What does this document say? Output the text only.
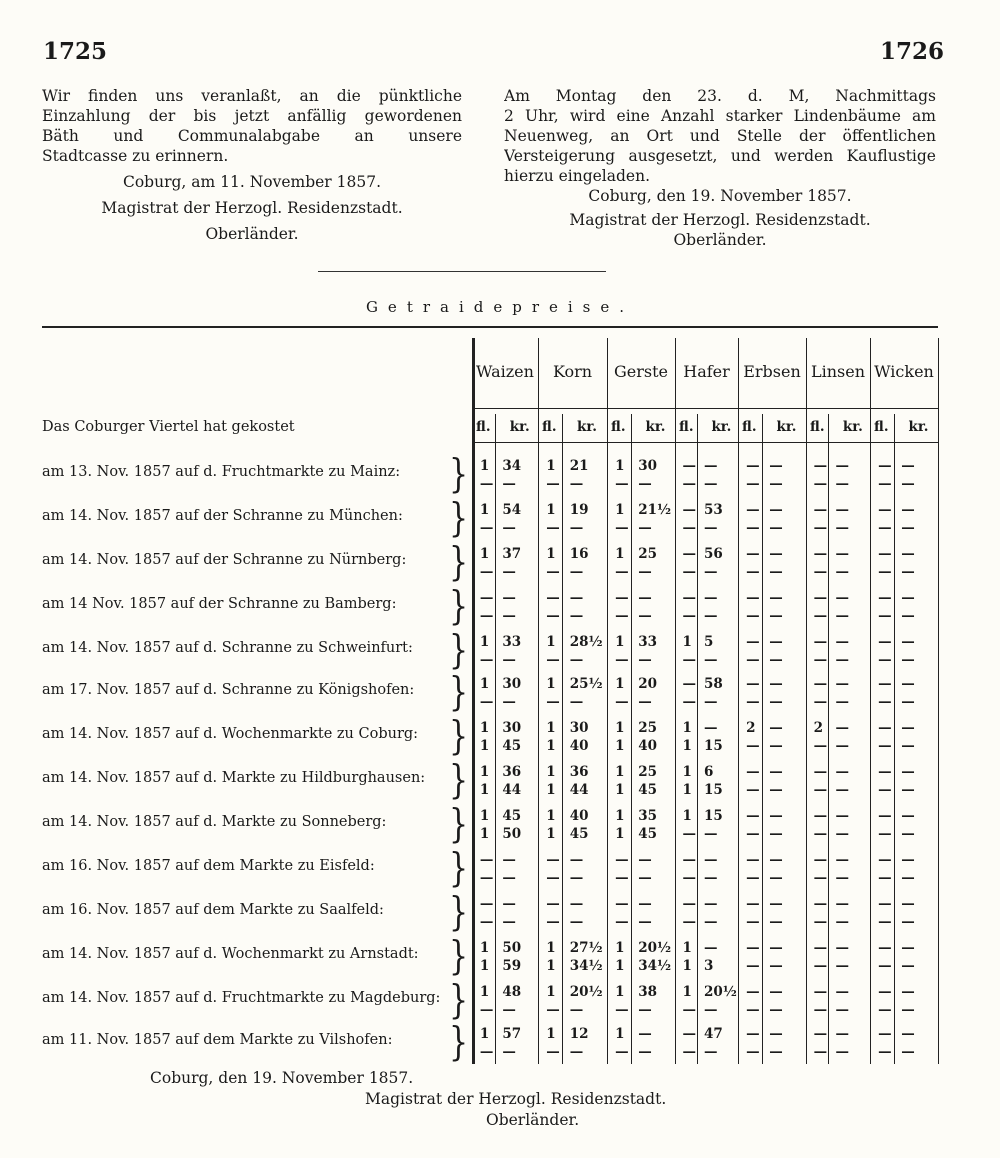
1725	1726
Wir finden uns veranlaßt, an die pünktliche
Einzahlung der bis jetzt anfällig gewordenen
Bäth und Communalabgabe an unsere
Stadtcasse zu erinnern.
Coburg, am 11. November 1857.
Magistrat der Herzogl. Residenzstadt.
Oberländer.
Am Montag den 23. d. M, Nachmittags
2 Uhr, wird eine Anzahl starker Lindenbäume am
Neuenweg, an Ort und Stelle der öffentlichen
Versteigerung ausgesetzt, und werden Kauflustige
hierzu eingeladen.
Coburg, den 19. November 1857.
Magistrat der Herzogl. Residenzstadt.
Oberländer.
Getraidepreise.
Das Coburger Viertel hat gekostet
Waizen
fl. kr.
Korn
fl. kr.
Gerste
fl. kr.
Hafer
fl. kr.
Erbsen
fl. kr.
Linsen
fl. kr.
Wicken
fl. kr.
am 13. Nov. 1857 auf d. Fruchtmarkte zu Mainz: } 1 34 1 21 1 30 — — — — — — — —
— — — — — — — — — — — — — —
am 14. Nov. 1857 auf der Schranne zu München: } 1 54 1 19 1 21½ — 53 — — — — — —
— — — — — — — — — — — — — —
am 14. Nov. 1857 auf der Schranne zu Nürnberg: } 1 37 1 16 1 25 — 56 — — — — — —
— — — — — — — — — — — — — —
am 14 Nov. 1857 auf der Schranne zu Bamberg: } — — — — — — — — — — — — — —
— — — — — — — — — — — — — —
am 14. Nov. 1857 auf d. Schranne zu Schweinfurt: } 1 33 1 28½ 1 33 1 5 — — — — — —
— — — — — — — — — — — — — —
am 17. Nov. 1857 auf d. Schranne zu Königshofen: } 1 30 1 25½ 1 20 — 58 — — — — — —
— — — — — — — — — — — — — —
am 14. Nov. 1857 auf d. Wochenmarkte zu Coburg: } 1 30 1 30 1 25 1 — 2 — 2 — — —
1 45 1 40 1 40 1 15 — — — — — —
am 14. Nov. 1857 auf d. Markte zu Hildburghausen: } 1 36 1 36 1 25 1 6 — — — — — —
1 44 1 44 1 45 1 15 — — — — — —
am 14. Nov. 1857 auf d. Markte zu Sonneberg: } 1 45 1 40 1 35 1 15 — — — — — —
1 50 1 45 1 45 — — — — — — — —
am 16. Nov. 1857 auf dem Markte zu Eisfeld: } — — — — — — — — — — — — — —
— — — — — — — — — — — — — —
am 16. Nov. 1857 auf dem Markte zu Saalfeld: } — — — — — — — — — — — — — —
— — — — — — — — — — — — — —
am 14. Nov. 1857 auf d. Wochenmarkt zu Arnstadt: } 1 50 1 27½ 1 20½ 1 — — — — — — —
1 59 1 34½ 1 34½ 1 3 — — — — — —
am 14. Nov. 1857 auf d. Fruchtmarkte zu Magdeburg: } 1 48 1 20½ 1 38 1 20½ — — — — — —
— — — — — — — — — — — — — —
am 11. Nov. 1857 auf dem Markte zu Vilshofen: } 1 57 1 12 1 — — 47 — — — — — —
— — — — — — — — — — — — — —
Coburg, den 19. November 1857.
Magistrat der Herzogl. Residenzstadt.
Oberländer.
